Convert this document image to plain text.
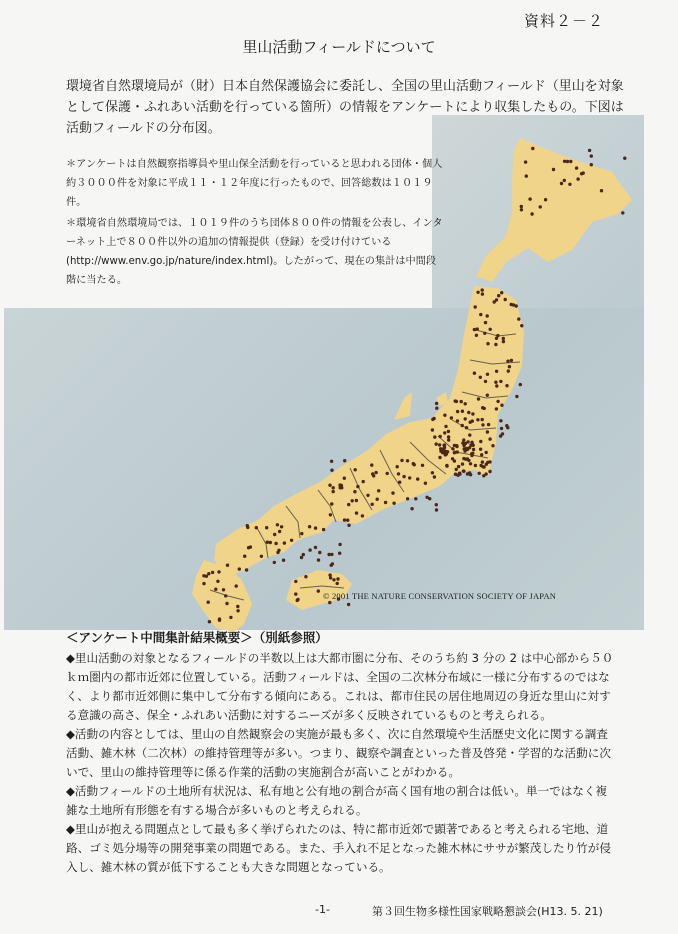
資料２－２
里山活動フィールドについて
環境省自然環境局が（財）日本自然保護協会に委託し、全国の里山活動フィールド（里山を対象として保護・ふれあい活動を行っている箇所）の情報をアンケートにより収集したもの。下図は活動フィールドの分布図。

＊アンケートは自然観察指導員や里山保全活動を行っていると思われる団体・個人約３０００件を対象に平成１１・１２年度に行ったもので、回答総数は１０１９件。

＊環境省自然環境局では、１０１９件のうち団体８００件の情報を公表し、インターネット上で８００件以外の追加の情報提供（登録）を受け付けている(http://www.env.go.jp/nature/index.html)。したがって、現在の集計は中間段階に当たる。

© 2001 THE NATURE CONSERVATION SOCIETY OF JAPAN
＜アンケート中間集計結果概要＞（別紙参照）

◆里山活動の対象となるフィールドの半数以上は大都市圏に分布、そのうち約 3 分の 2 は中心部から５０ｋｍ圏内の都市近郊に位置している。活動フィールドは、全国の二次林分布域に一様に分布するのではなく、より都市近郊側に集中して分布する傾向にある。これは、都市住民の居住地周辺の身近な里山に対する意識の高さ、保全・ふれあい活動に対するニーズが多く反映されているものと考えられる。

◆活動の内容としては、里山の自然観察会の実施が最も多く、次に自然環境や生活歴史文化に関する調査活動、雑木林（二次林）の維持管理等が多い。つまり、観察や調査といった普及啓発・学習的な活動に次いで、里山の維持管理等に係る作業的活動の実施割合が高いことがわかる。

◆活動フィールドの土地所有状況は、私有地と公有地の割合が高く国有地の割合は低い。単一ではなく複雑な土地所有形態を有する場合が多いものと考えられる。

◆里山が抱える問題点として最も多く挙げられたのは、特に都市近郊で顕著であると考えられる宅地、道路、ゴミ処分場等の開発事業の問題である。また、手入れ不足となった雑木林にササが繁茂したり竹が侵入し、雑木林の質が低下することも大きな問題となっている。

-1-	第３回生物多様性国家戦略懇談会(H13. 5. 21)
